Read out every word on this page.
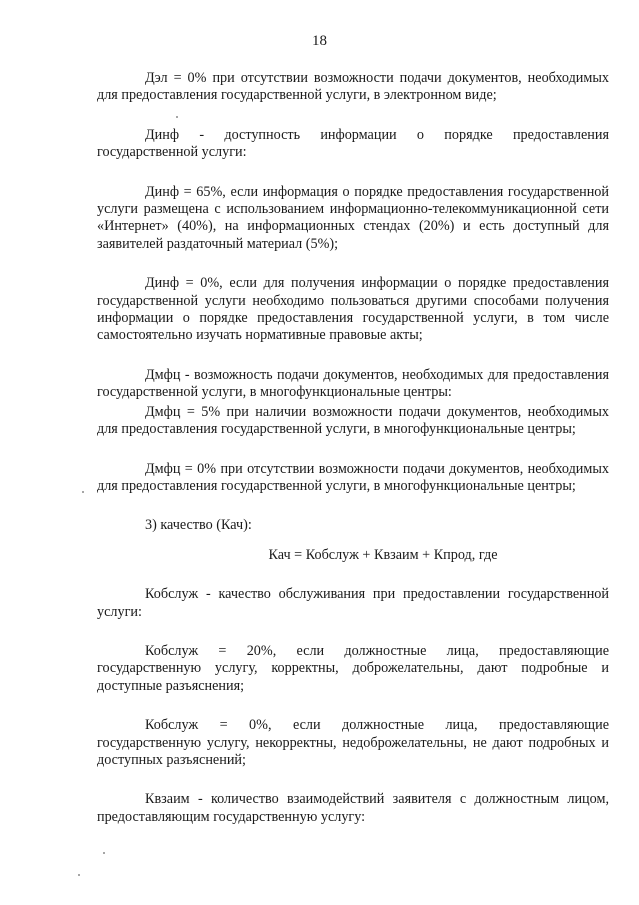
18

Дэл = 0% при отсутствии возможности подачи документов, необходимых для предоставления государственной услуги, в электронном виде;

Динф - доступность информации о порядке предоставления государственной услуги:

Динф = 65%, если информация о порядке предоставления государственной услуги размещена с использованием информационно-телекоммуникационной сети «Интернет» (40%), на информационных стендах (20%) и есть доступный для заявителей раздаточный материал (5%);

Динф = 0%, если для получения информации о порядке предоставления государственной услуги необходимо пользоваться другими способами получения информации о порядке предоставления государственной услуги, в том числе самостоятельно изучать нормативные правовые акты;

Дмфц - возможность подачи документов, необходимых для предоставления государственной услуги, в многофункциональные центры:

Дмфц = 5% при наличии возможности подачи документов, необходимых для предоставления государственной услуги, в многофункциональные центры;

Дмфц = 0% при отсутствии возможности подачи документов, необходимых для предоставления государственной услуги, в многофункциональные центры;

3) качество (Кач):

Кач = Кобслуж + Квзаим + Кпрод, где

Кобслуж - качество обслуживания при предоставлении государственной услуги:

Кобслуж = 20%, если должностные лица, предоставляющие государственную услугу, корректны, доброжелательны, дают подробные и доступные разъяснения;

Кобслуж = 0%, если должностные лица, предоставляющие государственную услугу, некорректны, недоброжелательны, не дают подробных и доступных разъяснений;

Квзаим - количество взаимодействий заявителя с должностным лицом, предоставляющим государственную услугу:
